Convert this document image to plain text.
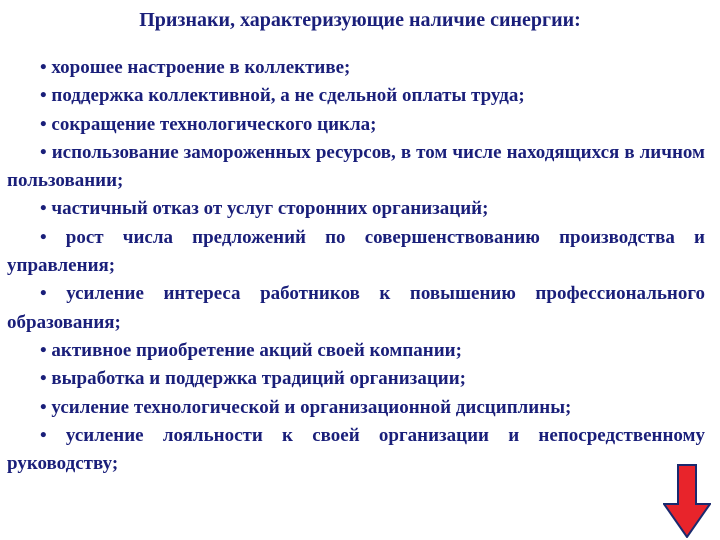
Признаки, характеризующие наличие синергии:
• хорошее настроение в коллективе;
• поддержка коллективной, а не сдельной оплаты труда;
• сокращение технологического цикла;
• использование замороженных ресурсов, в том числе находящихся в личном пользовании;
• частичный отказ от услуг сторонних организаций;
• рост числа предложений по совершенствованию производства и управления;
• усиление интереса работников к повышению профессионального образования;
• активное приобретение акций своей компании;
• выработка и поддержка традиций организации;
• усиление технологической и организационной дисциплины;
• усиление лояльности к своей организации и непосредственному руководству;
